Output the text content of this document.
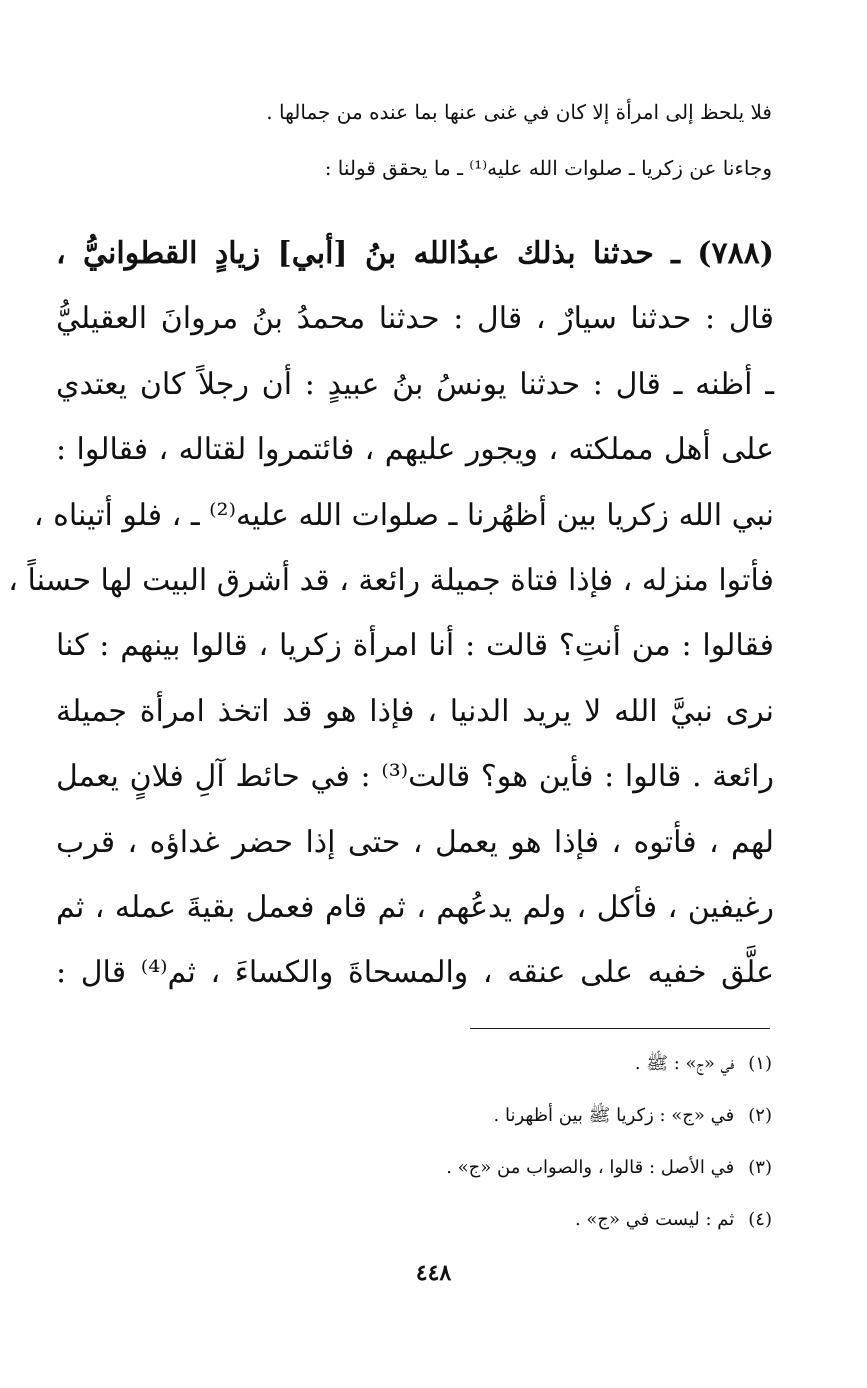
فلا يلحظ إلى امرأة إلا كان في غنى عنها بما عنده من جمالها .
وجاءنا عن زكريا ـ صلوات الله عليه⁽¹⁾ ـ ما يحقق قولنا :
(٧٨٨) ـ حدثنا بذلك عبدُالله بنُ [أبي] زيادٍ القطوانيُّ ،
قال : حدثنا سيارٌ ، قال : حدثنا محمدُ بنُ مروانَ العقيليُّ
ـ أظنه ـ قال : حدثنا يونسُ بنُ عبيدٍ : أن رجلاً كان يعتدي
على أهل مملكته ، ويجور عليهم ، فائتمروا لقتاله ، فقالوا :
نبي الله زكريا بين أظهُرنا ـ صلوات الله عليه⁽²⁾ ـ ، فلو أتيناه ،
فأتوا منزله ، فإذا فتاة جميلة رائعة ، قد أشرق البيت لها حسناً ،
فقالوا : من أنتِ؟ قالت : أنا امرأة زكريا ، قالوا بينهم : كنا
نرى نبيَّ الله لا يريد الدنيا ، فإذا هو قد اتخذ امرأة جميلة
رائعة . قالوا : فأين هو؟ قالت⁽³⁾ : في حائط آلِ فلانٍ يعمل
لهم ، فأتوه ، فإذا هو يعمل ، حتى إذا حضر غداؤه ، قرب
رغيفين ، فأكل ، ولم يدعُهم ، ثم قام فعمل بقيةَ عمله ، ثم
علَّق خفيه على عنقه ، والمسحاةَ والكساءَ ، ثم⁽⁴⁾ قال :
(١)في «ج» : ﷺ .
(٢)في «ج» : زكريا ﷺ بين أظهرنا .
(٣)في الأصل : قالوا ، والصواب من «ج» .
(٤)ثم : ليست في «ج» .
٤٤٨
